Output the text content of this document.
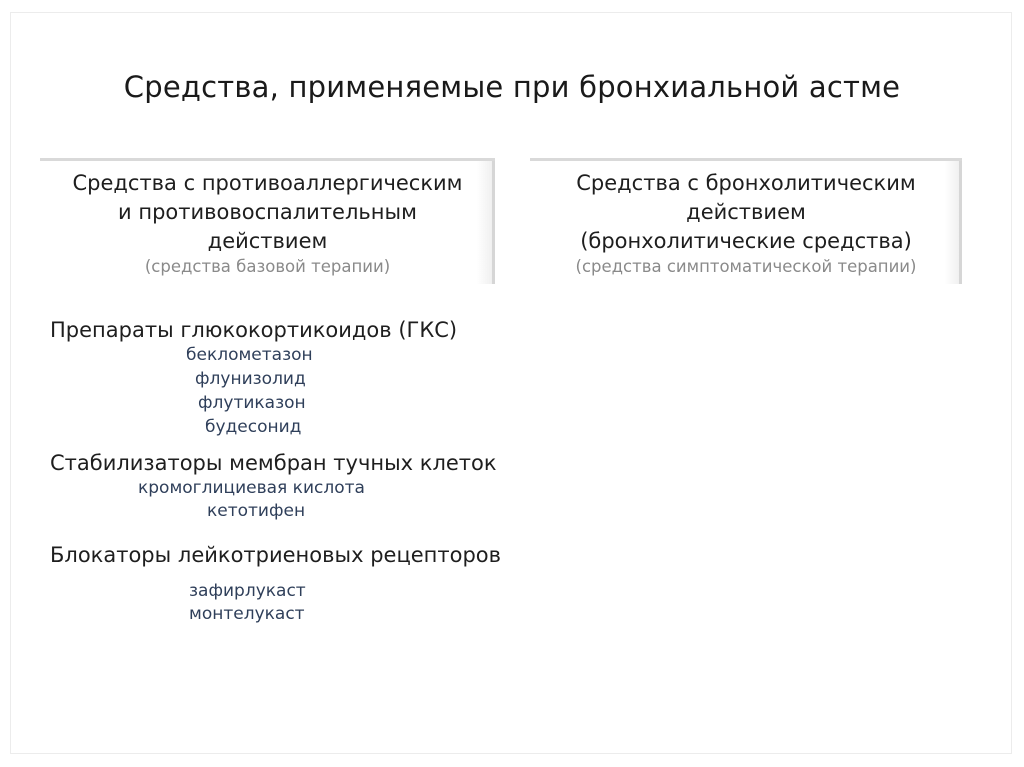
Средства, применяемые при бронхиальной астме
Средства с противоаллергическим
и противовоспалительным
действием
(средства базовой терапии)
Средства с бронхолитическим
действием
(бронхолитические средства)
(средства симптоматической терапии)
Препараты глюкокортикоидов (ГКС)
беклометазон
флунизолид
флутиказон
будесонид
Стабилизаторы мембран тучных клеток
кромоглициевая кислота
кетотифен
Блокаторы лейкотриеновых рецепторов
зафирлукаст
монтелукаст
